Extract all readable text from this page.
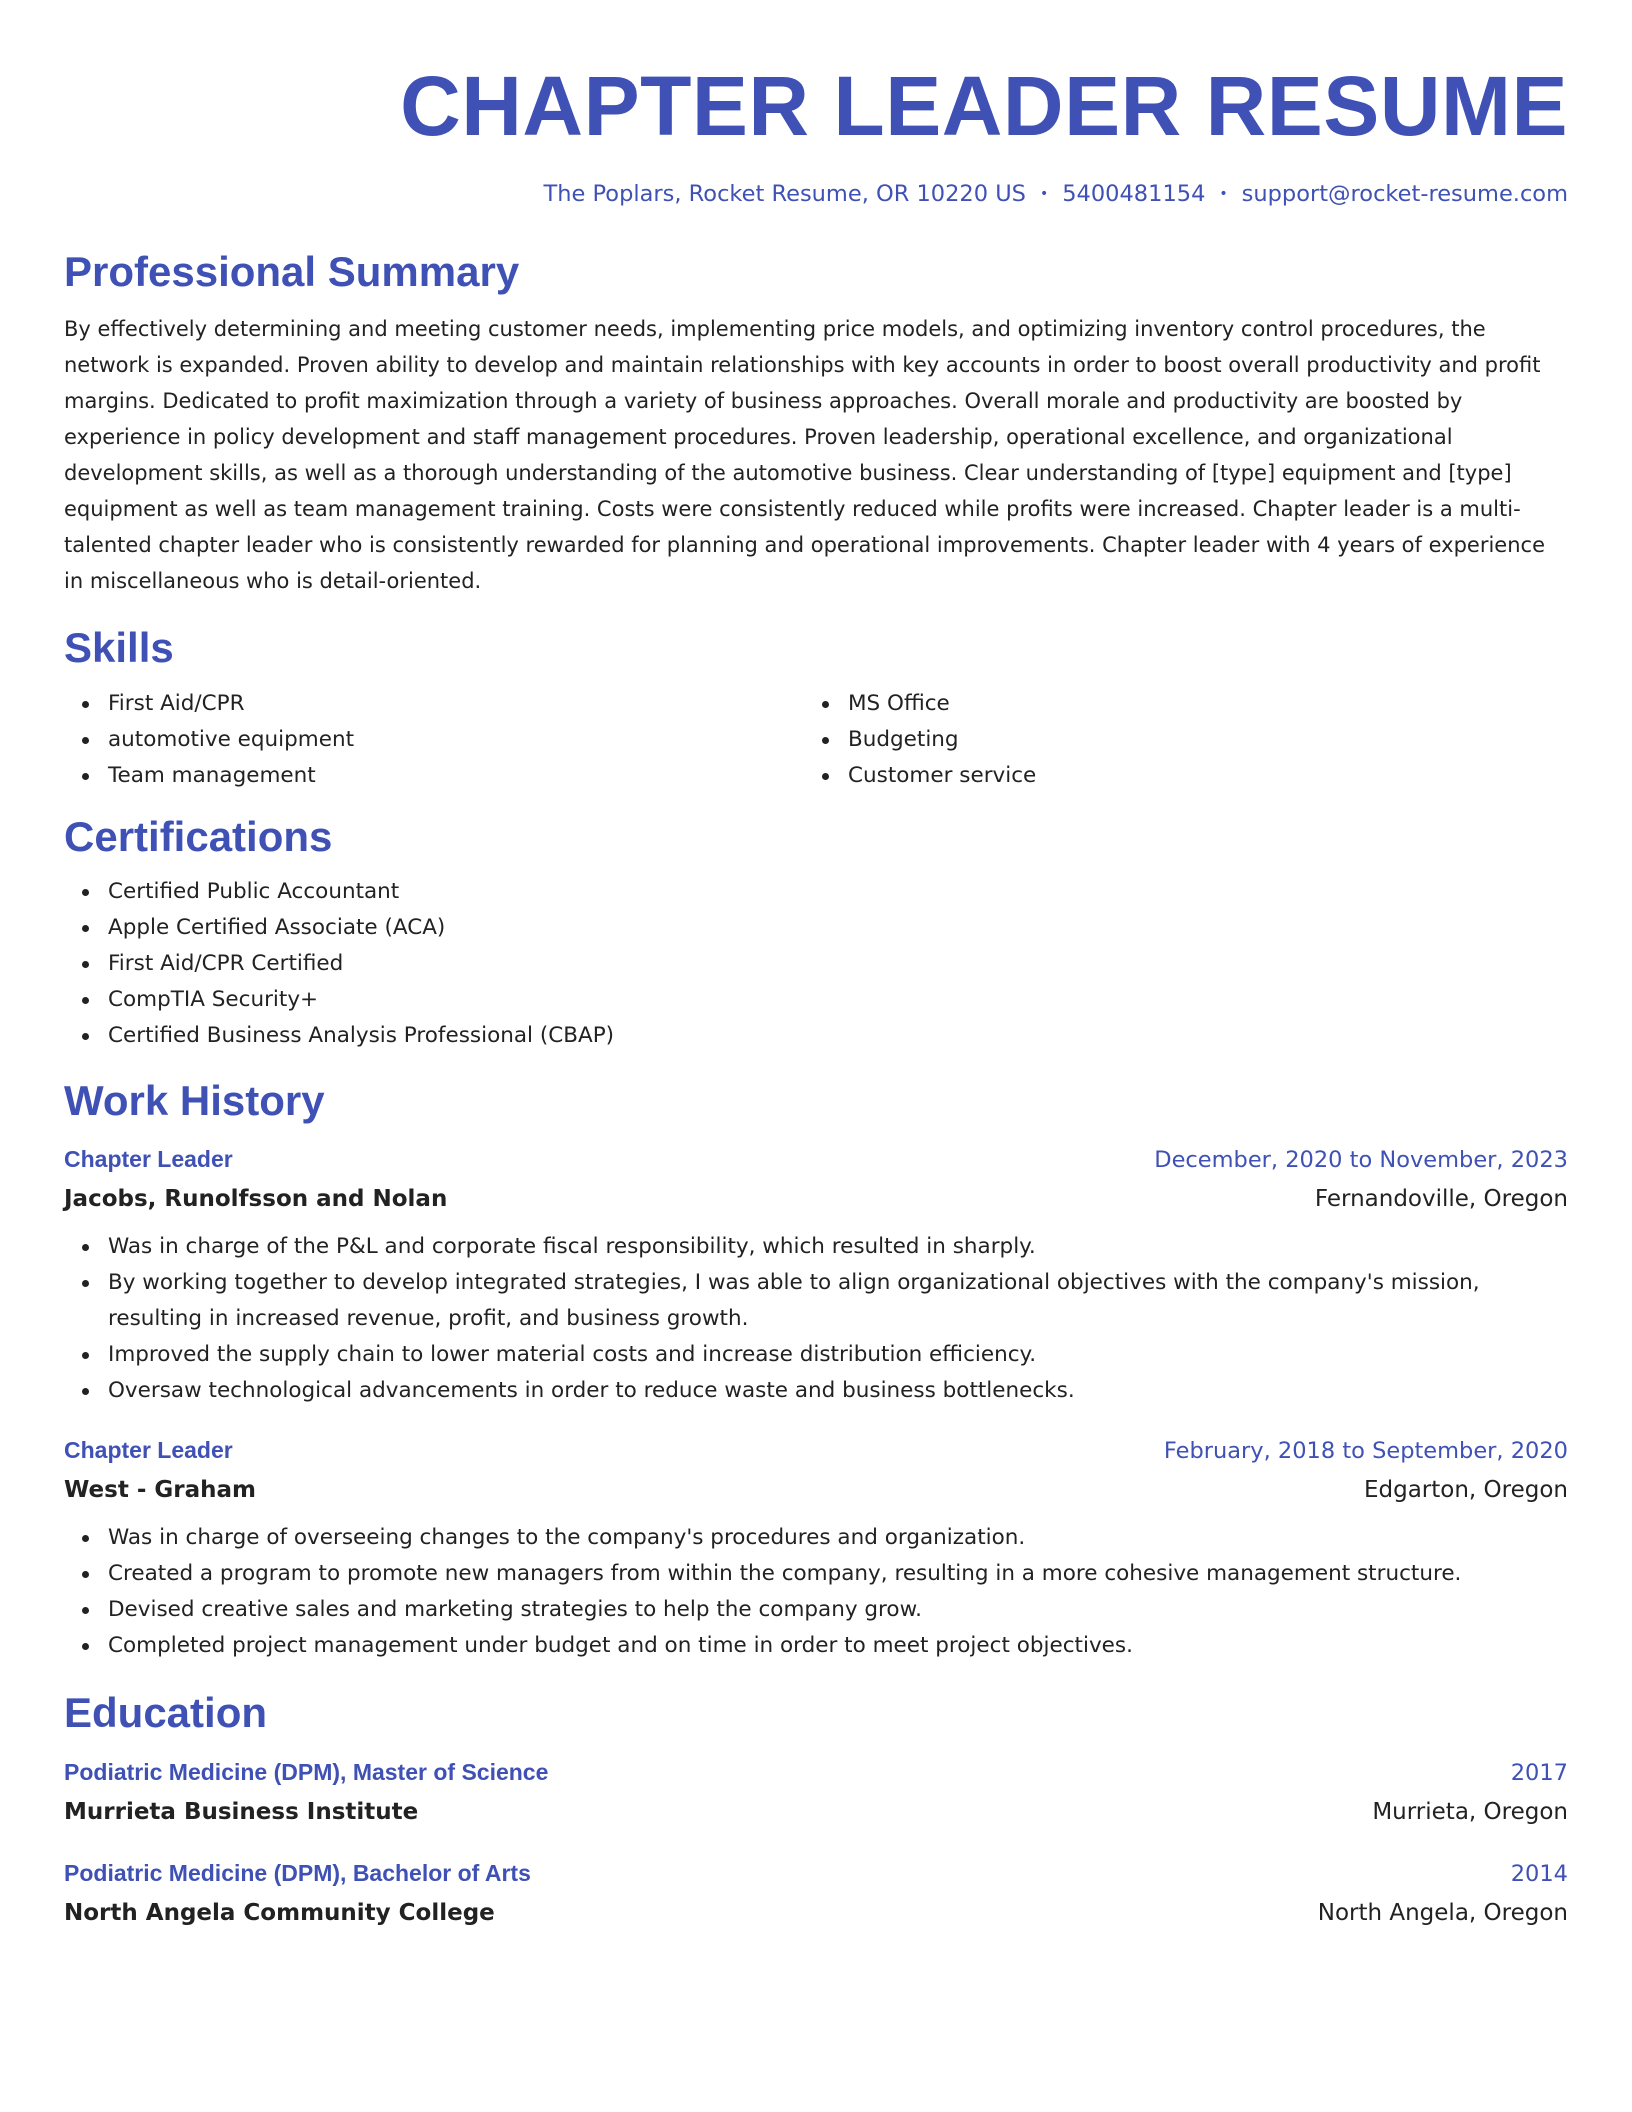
CHAPTER LEADER RESUME
The Poplars, Rocket Resume, OR 10220 US • 5400481154 • support@rocket-resume.com
Professional Summary

By effectively determining and meeting customer needs, implementing price models, and optimizing inventory control procedures, the network is expanded. Proven ability to develop and maintain relationships with key accounts in order to boost overall productivity and profit margins. Dedicated to profit maximization through a variety of business approaches. Overall morale and productivity are boosted by experience in policy development and staff management procedures. Proven leadership, operational excellence, and organizational development skills, as well as a thorough understanding of the automotive business. Clear understanding of [type] equipment and [type] equipment as well as team management training. Costs were consistently reduced while profits were increased. Chapter leader is a multi-talented chapter leader who is consistently rewarded for planning and operational improvements. Chapter leader with 4 years of experience in miscellaneous who is detail-oriented.

Skills
First Aid/CPR
automotive equipment
Team management
MS Office
Budgeting
Customer service
Certifications
Certified Public Accountant
Apple Certified Associate (ACA)
First Aid/CPR Certified
CompTIA Security+
Certified Business Analysis Professional (CBAP)
Work History
Chapter Leader	December, 2020 to November, 2023
Jacobs, Runolfsson and Nolan	Fernandoville, Oregon
Was in charge of the P&L and corporate fiscal responsibility, which resulted in sharply.
By working together to develop integrated strategies, I was able to align organizational objectives with the company's mission, resulting in increased revenue, profit, and business growth.
Improved the supply chain to lower material costs and increase distribution efficiency.
Oversaw technological advancements in order to reduce waste and business bottlenecks.
Chapter Leader	February, 2018 to September, 2020
West - Graham	Edgarton, Oregon
Was in charge of overseeing changes to the company's procedures and organization.
Created a program to promote new managers from within the company, resulting in a more cohesive management structure.
Devised creative sales and marketing strategies to help the company grow.
Completed project management under budget and on time in order to meet project objectives.
Education
Podiatric Medicine (DPM), Master of Science	2017
Murrieta Business Institute	Murrieta, Oregon
Podiatric Medicine (DPM), Bachelor of Arts	2014
North Angela Community College	North Angela, Oregon
